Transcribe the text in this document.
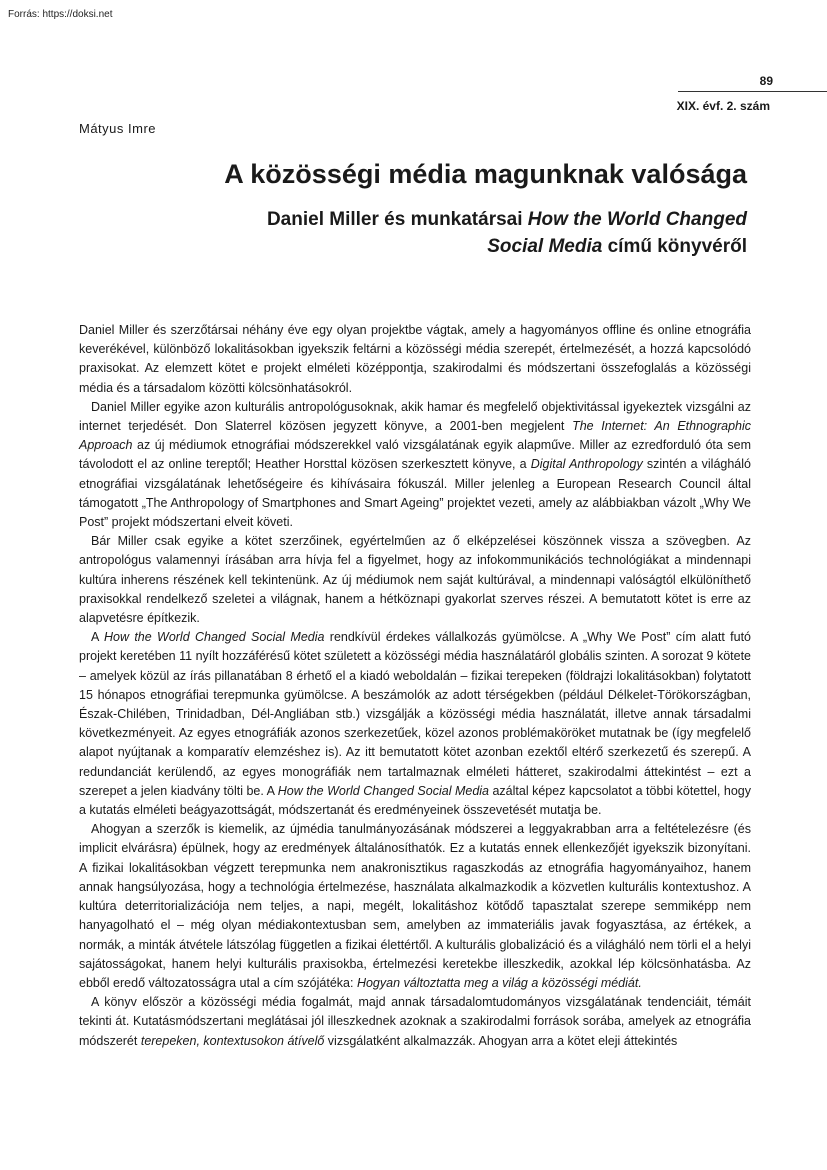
Forrás: https://doksi.net
89
XIX. évf. 2. szám
Mátyus Imre
A közösségi média magunknak valósága
Daniel Miller és munkatársai How the World Changed Social Media című könyvéről

Daniel Miller és szerzőtársai néhány éve egy olyan projektbe vágtak, amely a hagyományos offline és online etnográfia keverékével, különböző lokalitásokban igyekszik feltárni a közösségi média szerepét, értelmezését, a hozzá kapcsolódó praxisokat. Az elemzett kötet e projekt elméleti középpontja, szakirodalmi és módszertani összefoglalás a közösségi média és a társadalom közötti kölcsönhatásokról.

Daniel Miller egyike azon kulturális antropológusoknak, akik hamar és megfelelő objektivitással igyekeztek vizsgálni az internet terjedését. Don Slaterrel közösen jegyzett könyve, a 2001-ben megjelent The Internet: An Ethnographic Approach az új médiumok etnográfiai módszerekkel való vizsgálatának egyik alapműve. Miller az ezredforduló óta sem távolodott el az online tereptől; Heather Horsttal közösen szerkesztett könyve, a Digital Anthropology szintén a világháló etnográfiai vizsgálatának lehetőségeire és kihívásaira fókuszál. Miller jelenleg a European Research Council által támogatott „The Anthropology of Smartphones and Smart Ageing” projektet vezeti, amely az alábbiakban vázolt „Why We Post” projekt módszertani elveit követi.

Bár Miller csak egyike a kötet szerzőinek, egyértelműen az ő elképzelései köszönnek vissza a szövegben. Az antropológus valamennyi írásában arra hívja fel a figyelmet, hogy az infokommunikációs technológiákat a mindennapi kultúra inherens részének kell tekintenünk. Az új médiumok nem saját kultúrával, a mindennapi valóságtól elkülöníthető praxisokkal rendelkező szeletei a világnak, hanem a hétköznapi gyakorlat szerves részei. A bemutatott kötet is erre az alapvetésre építkezik.

A How the World Changed Social Media rendkívül érdekes vállalkozás gyümölcse. A „Why We Post” cím alatt futó projekt keretében 11 nyílt hozzáférésű kötet született a közösségi média használatáról globális szinten. A sorozat 9 kötete – amelyek közül az írás pillanatában 8 érhető el a kiadó weboldalán – fizikai terepeken (földrajzi lokalitásokban) folytatott 15 hónapos etnográfiai terepmunka gyümölcse. A beszámolók az adott térségekben (például Délkelet-Törökországban, Észak-Chilében, Trinidadban, Dél-Angliában stb.) vizsgálják a közösségi média használatát, illetve annak társadalmi következményeit. Az egyes etnográfiák azonos szerkezetűek, közel azonos problémaköröket mutatnak be (így megfelelő alapot nyújtanak a komparatív elemzéshez is). Az itt bemutatott kötet azonban ezektől eltérő szerkezetű és szerepű. A redundanciát kerülendő, az egyes monográfiák nem tartalmaznak elméleti hátteret, szakirodalmi áttekintést – ezt a szerepet a jelen kiadvány tölti be. A How the World Changed Social Media azáltal képez kapcsolatot a többi kötettel, hogy a kutatás elméleti beágyazottságát, módszertanát és eredményeinek összevetését mutatja be.

Ahogyan a szerzők is kiemelik, az újmédia tanulmányozásának módszerei a leggyakrabban arra a feltételezésre (és implicit elvárásra) épülnek, hogy az eredmények általánosíthatók. Ez a kutatás ennek ellenkezőjét igyekszik bizonyítani. A fizikai lokalitásokban végzett terepmunka nem anakronisztikus ragaszkodás az etnográfia hagyományaihoz, hanem annak hangsúlyozása, hogy a technológia értelmezése, használata alkalmazkodik a közvetlen kulturális kontextushoz. A kultúra deterritorializációja nem teljes, a napi, megélt, lokalitáshoz kötődő tapasztalat szerepe semmiképp nem hanyagolható el – még olyan médiakontextusban sem, amelyben az immateriális javak fogyasztása, az értékek, a normák, a minták átvétele látszólag független a fizikai élettértől. A kulturális globalizáció és a világháló nem törli el a helyi sajátosságokat, hanem helyi kulturális praxisokba, értelmezési keretekbe illeszkedik, azokkal lép kölcsönhatásba. Az ebből eredő változatosságra utal a cím szójátéka: Hogyan változtatta meg a világ a közösségi médiát.

A könyv először a közösségi média fogalmát, majd annak társadalomtudományos vizsgálatának tendenciáit, témáit tekinti át. Kutatásmódszertani meglátásai jól illeszkednek azoknak a szakirodalmi források sorába, amelyek az etnográfia módszerét terepeken, kontextusokon átívelő vizsgálatként alkalmazzák. Ahogyan arra a kötet eleji áttekintés
